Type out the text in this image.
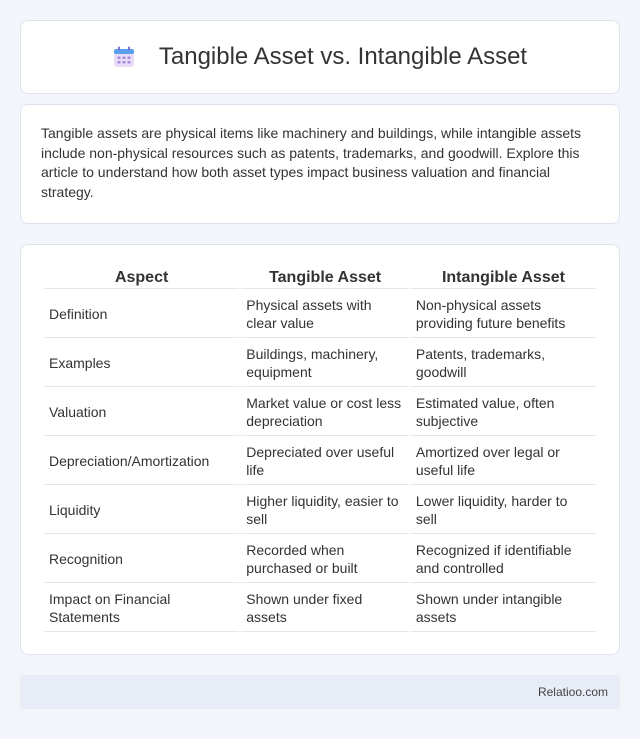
Tangible Asset vs. Intangible Asset

Tangible assets are physical items like machinery and buildings, while intangible assets include non-physical resources such as patents, trademarks, and goodwill. Explore this article to understand how both asset types impact business valuation and financial strategy.

Aspect	Tangible Asset	Intangible Asset
Definition	Physical assets with clear value	Non-physical assets providing future benefits
Examples	Buildings, machinery, equipment	Patents, trademarks, goodwill
Valuation	Market value or cost less depreciation	Estimated value, often subjective
Depreciation/Amortization	Depreciated over useful life	Amortized over legal or useful life
Liquidity	Higher liquidity, easier to sell	Lower liquidity, harder to sell
Recognition	Recorded when purchased or built	Recognized if identifiable and controlled
Impact on Financial Statements	Shown under fixed assets	Shown under intangible assets
Relatioo.com
